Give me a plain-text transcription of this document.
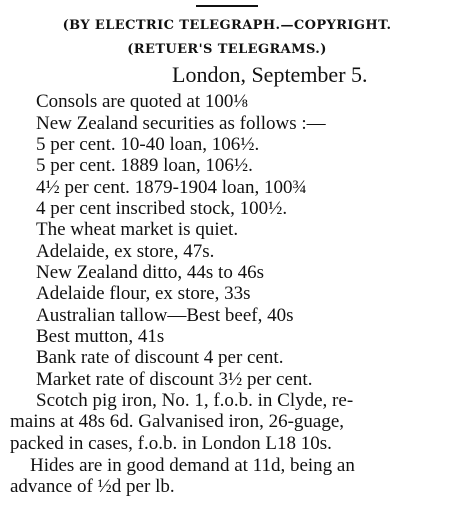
(BY ELECTRIC TELEGRAPH.—COPYRIGHT.
(RETUER'S TELEGRAMS.)
London, September 5.
Consols are quoted at 100⅛
New Zealand securities as follows :—
5 per cent. 10-40 loan, 106½.
5 per cent. 1889 loan, 106½.
4½ per cent. 1879-1904 loan, 100¾
4 per cent inscribed stock, 100½.
The wheat market is quiet.
Adelaide, ex store, 47s.
New Zealand ditto, 44s to 46s
Adelaide flour, ex store, 33s
Australian tallow—Best beef, 40s
Best mutton, 41s
Bank rate of discount 4 per cent.
Market rate of discount 3½ per cent.
Scotch pig iron, No. 1, f.o.b. in Clyde, re-
mains at 48s 6d. Galvanised iron, 26-guage,
packed in cases, f.o.b. in London L18 10s.
Hides are in good demand at 11d, being an
advance of ½d per lb.
